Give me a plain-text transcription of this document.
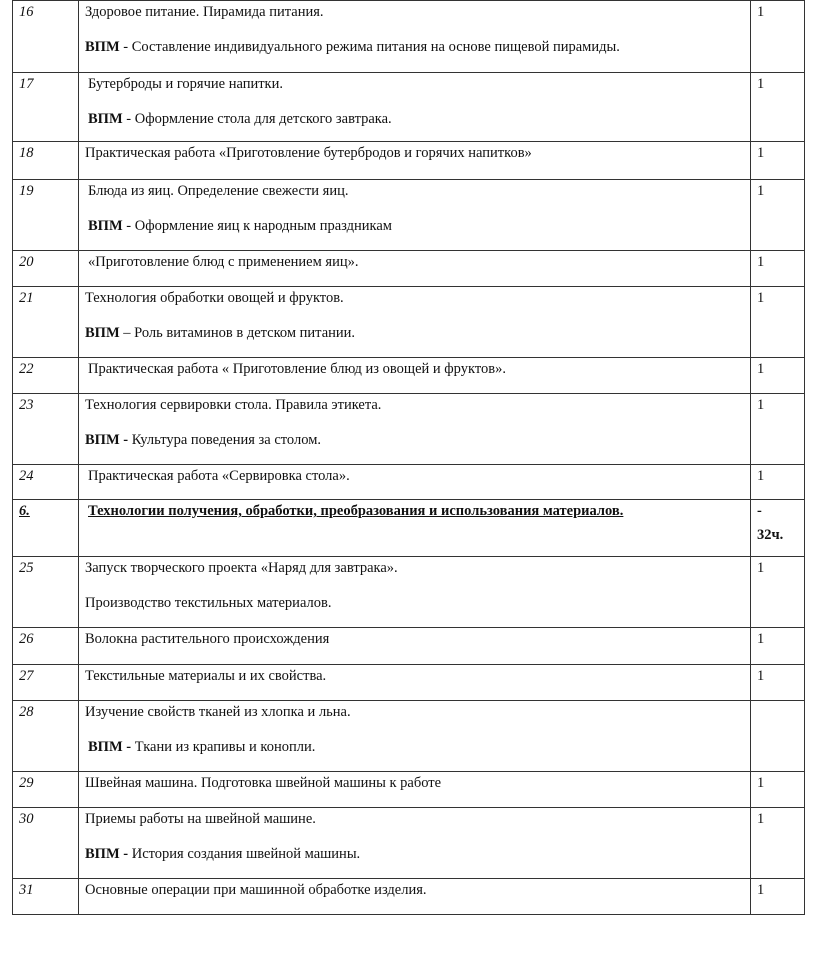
16	Здоровое питание. Пирамида питания.
ВПМ - Составление индивидуального режима питания на основе пищевой пирамиды.	1
17	Бутерброды и горячие напитки.
ВПМ - Оформление стола для детского завтрака.	1
18	Практическая работа «Приготовление бутербродов и горячих напитков»	1
19	Блюда из яиц. Определение свежести яиц.
ВПМ - Оформление яиц к народным праздникам	1
20	«Приготовление блюд с применением яиц».	1
21	Технология обработки овощей и фруктов.
ВПМ – Роль витаминов в детском питании.	1
22	Практическая работа « Приготовление блюд из овощей и фруктов».	1
23	Технология сервировки стола. Правила этикета.
ВПМ - Культура поведения за столом.	1
24	Практическая работа «Сервировка стола».	1
6.	Технологии получения, обработки, преобразования и использования материалов.	-
32ч.

25	Запуск творческого проекта «Наряд для завтрака».
Производство текстильных материалов.	1
26	Волокна растительного происхождения	1
27	Текстильные материалы и их свойства.	1
28	Изучение свойств тканей из хлопка и льна.
ВПМ - Ткани из крапивы и конопли.	

29	Швейная машина. Подготовка швейной машины к работе	1
30	Приемы работы на швейной машине.
ВПМ - История создания швейной машины.	1
31	Основные операции при машинной обработке изделия.	1
